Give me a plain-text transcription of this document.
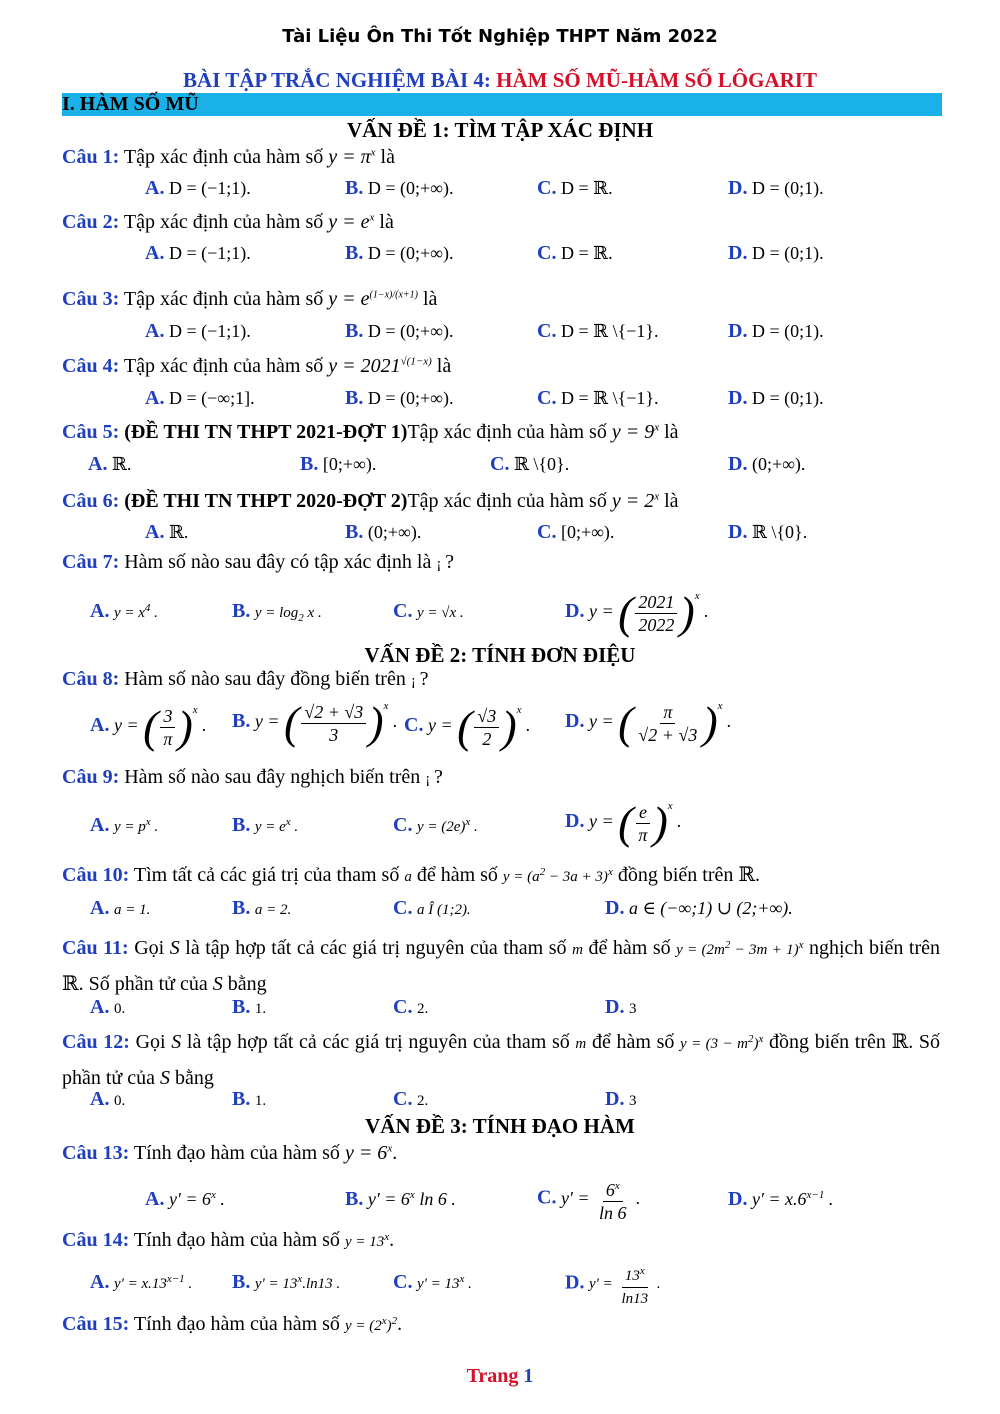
Tài Liệu Ôn Thi Tốt Nghiệp THPT Năm 2022
BÀI TẬP TRẮC NGHIỆM BÀI 4: HÀM SỐ MŨ-HÀM SỐ LÔGARIT
I. HÀM SỐ MŨ
VẤN ĐỀ 1: TÌM TẬP XÁC ĐỊNH
Câu 1: Tập xác định của hàm số $y = \pi^x$ là
A. D = (−1;1).	B. D = (0;+∞).	C. D = ℝ.	D. D = (0;1).
Câu 2: Tập xác định của hàm số $y = e^x$ là
A. D = (−1;1).	B. D = (0;+∞).	C. D = ℝ.	D. D = (0;1).
Câu 3: Tập xác định của hàm số $y = e^{(1-x)/(x+1)}$ là
A. D = (−1;1).	B. D = (0;+∞).	C. D = ℝ \{−1}.	D. D = (0;1).
Câu 4: Tập xác định của hàm số $y = 2021^{√(1-x)}$ là
A. D = (−∞;1].	B. D = (0;+∞).	C. D = ℝ \{−1}.	D. D = (0;1).
Câu 5: (ĐỀ THI TN THPT 2021-ĐỢT 1)Tập xác định của hàm số $y = 9^x$ là
A. ℝ.	B. [0;+∞).	C. ℝ \{0}.	D. (0;+∞).
Câu 6: (ĐỀ THI TN THPT 2020-ĐỢT 2)Tập xác định của hàm số $y = 2^x$ là
A. ℝ.	B. (0;+∞).	C. [0;+∞).	D. ℝ \{0}.
Câu 7: Hàm số nào sau đây có tập xác định là ¡ ?
A. $y = x^4$ .	B. $y = \log_2 x$ .	C. y = √x .	D. y = ( $\frac{2021}{2022} )^x$ .
VẤN ĐỀ 2: TÍNH ĐƠN ĐIỆU
Câu 8: Hàm số nào sau đây đồng biến trên ¡ ?
A. y = ( $\frac{3}{\pi} )^x$ . B. y = ( $\frac{√2 + √3}{3} )^x$ . C. y = ( $\frac{√3}{2} )^x$ . D. y = ( $\frac{\pi}{√2 + √3} )^x$ .
Câu 9: Hàm số nào sau đây nghịch biến trên ¡ ?
A. $y = p^x$ .	B. $y = e^x$ .	C. $y = (2e)^x$ .	D. y = ( $\frac{e}{\pi} )^x$ .
Câu 10: Tìm tất cả các giá trị của tham số a để hàm số $y = (a^2 - 3a + 3)^x$ đồng biến trên ℝ.
A. a = 1.	B. a = 2.	C. a Î (1;2).	D. a ∈ (−∞;1) ∪ (2;+∞).
Câu 11: Gọi S là tập hợp tất cả các giá trị nguyên của tham số m để hàm số $y = (2m^2 - 3m + 1)^x$ nghịch biến trên ℝ. Số phần tử của S bằng
A. 0.	B. 1.	C. 2.	D. 3
Câu 12: Gọi S là tập hợp tất cả các giá trị nguyên của tham số m để hàm số $y = (3 - m^2)^x$ đồng biến trên ℝ. Số phần tử của S bằng
A. 0.	B. 1.	C. 2.	D. 3
VẤN ĐỀ 3: TÍNH ĐẠO HÀM
Câu 13: Tính đạo hàm của hàm số $y = 6^x$.
A. $y' = 6^x$ .	B. $y' = 6^x$ ln 6 .	C. $y' = \frac{6^x}{\ln 6}$ .	D. $y' = x.6^{x-1}$ .
Câu 14: Tính đạo hàm của hàm số $y = 13^x$.
A. $y' = x.13^{x-1}$ . B. $y' = 13^x.\ln 13$ .	C. $y' = 13^x$ .	D. $y' = \frac{13^x}{\ln 13}$ .
Câu 15: Tính đạo hàm của hàm số $y = (2^x)^2$.
Trang 1
